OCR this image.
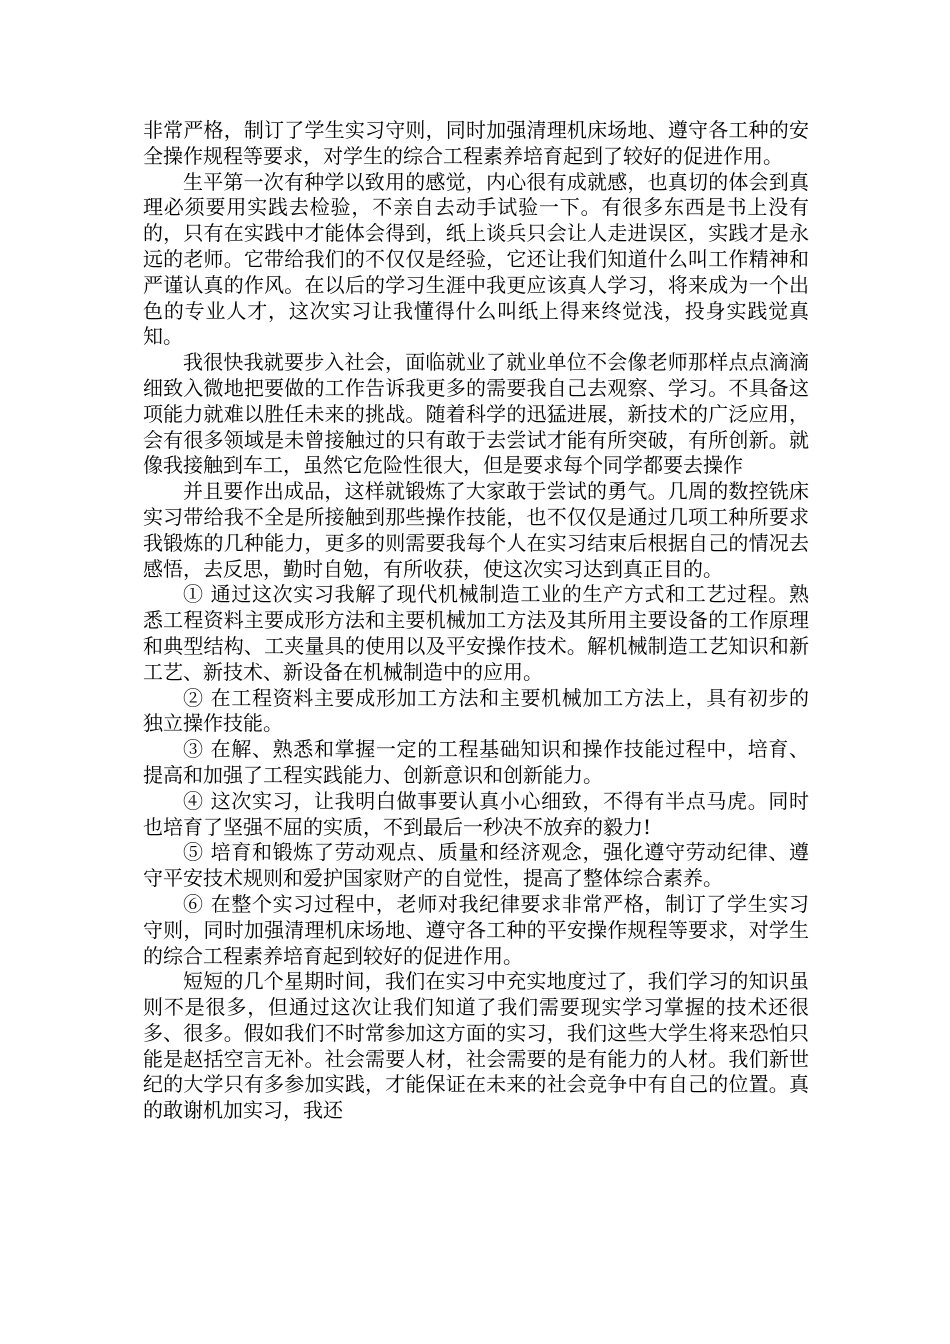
非常严格，制订了学生实习守则，同时加强清理机床场地、遵守各工种的安全操作规程等要求，对学生的综合工程素养培育起到了较好的促进作用。

生平第一次有种学以致用的感觉，内心很有成就感，也真切的体会到真理必须要用实践去检验，不亲自去动手试验一下。有很多东西是书上没有的，只有在实践中才能体会得到，纸上谈兵只会让人走进误区，实践才是永远的老师。它带给我们的不仅仅是经验，它还让我们知道什么叫工作精神和严谨认真的作风。在以后的学习生涯中我更应该真人学习，将来成为一个出色的专业人才，这次实习让我懂得什么叫纸上得来终觉浅，投身实践觉真知。

我很快我就要步入社会，面临就业了就业单位不会像老师那样点点滴滴细致入微地把要做的工作告诉我更多的需要我自己去观察、学习。不具备这项能力就难以胜任未来的挑战。随着科学的迅猛进展，新技术的广泛应用，会有很多领域是未曾接触过的只有敢于去尝试才能有所突破，有所创新。就像我接触到车工，虽然它危险性很大，但是要求每个同学都要去操作

并且要作出成品，这样就锻炼了大家敢于尝试的勇气。几周的数控铣床实习带给我不全是所接触到那些操作技能，也不仅仅是通过几项工种所要求我锻炼的几种能力，更多的则需要我每个人在实习结束后根据自己的情况去感悟，去反思，勤时自勉，有所收获，使这次实习达到真正目的。

① 通过这次实习我解了现代机械制造工业的生产方式和工艺过程。熟悉工程资料主要成形方法和主要机械加工方法及其所用主要设备的工作原理和典型结构、工夹量具的使用以及平安操作技术。解机械制造工艺知识和新工艺、新技术、新设备在机械制造中的应用。

② 在工程资料主要成形加工方法和主要机械加工方法上，具有初步的独立操作技能。

③ 在解、熟悉和掌握一定的工程基础知识和操作技能过程中，培育、提高和加强了工程实践能力、创新意识和创新能力。

④ 这次实习，让我明白做事要认真小心细致，不得有半点马虎。同时也培育了坚强不屈的实质，不到最后一秒决不放弃的毅力!

⑤ 培育和锻炼了劳动观点、质量和经济观念，强化遵守劳动纪律、遵守平安技术规则和爱护国家财产的自觉性，提高了整体综合素养。

⑥ 在整个实习过程中，老师对我纪律要求非常严格，制订了学生实习守则，同时加强清理机床场地、遵守各工种的平安操作规程等要求，对学生的综合工程素养培育起到较好的促进作用。

短短的几个星期时间，我们在实习中充实地度过了，我们学习的知识虽则不是很多，但通过这次让我们知道了我们需要现实学习掌握的技术还很多、很多。假如我们不时常参加这方面的实习，我们这些大学生将来恐怕只能是赵括空言无补。社会需要人材，社会需要的是有能力的人材。我们新世纪的大学只有多参加实践，才能保证在未来的社会竞争中有自己的位置。真的敢谢机加实习，我还
